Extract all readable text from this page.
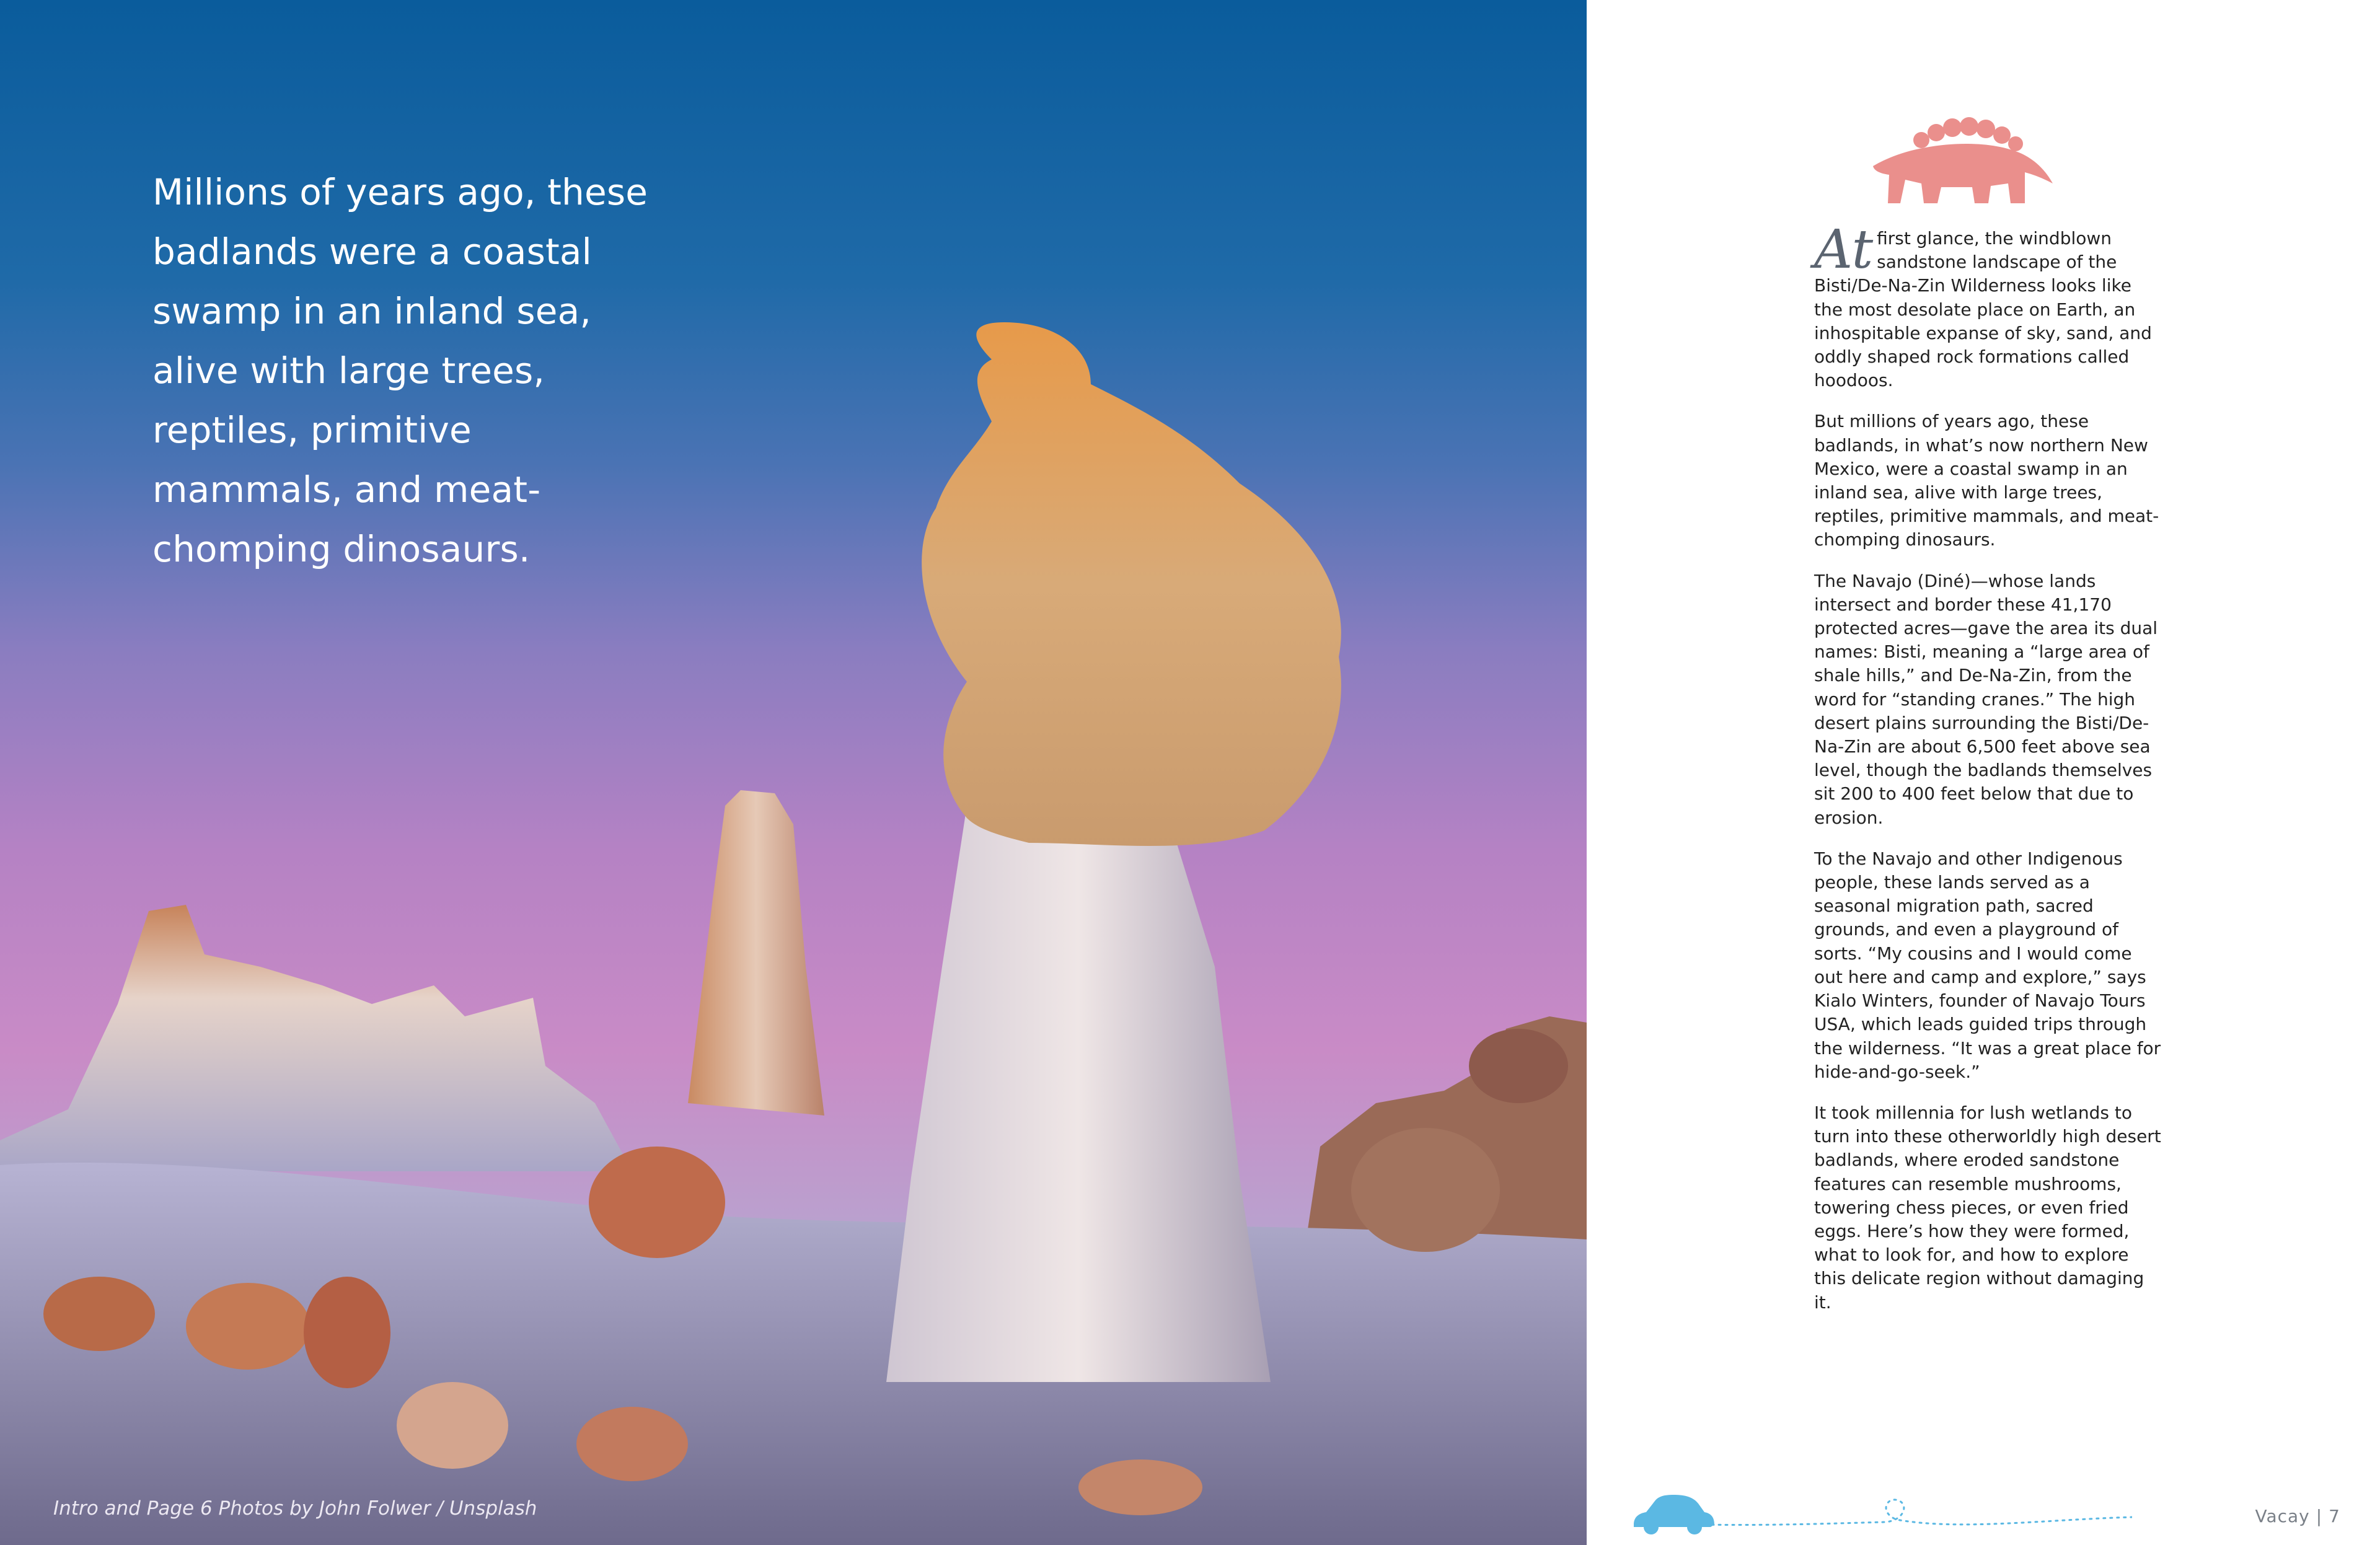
Millions of years ago, these badlands were a coastal swamp in an inland sea, alive with large trees, reptiles, primitive mammals, and meat-chomping dinosaurs.

Intro and Page 6 Photos by John Folwer / Unsplash

At first glance, the windblown sandstone landscape of the Bisti/De-Na-Zin Wilderness looks like the most desolate place on Earth, an inhospitable expanse of sky, sand, and oddly shaped rock formations called hoodoos.

But millions of years ago, these badlands, in what’s now northern New Mexico, were a coastal swamp in an inland sea, alive with large trees, reptiles, primitive mammals, and meat-chomping dinosaurs.

The Navajo (Diné)—whose lands intersect and border these 41,170 protected acres—gave the area its dual names: Bisti, meaning a “large area of shale hills,” and De-Na-Zin, from the word for “standing cranes.” The high desert plains surrounding the Bisti/De-Na-Zin are about 6,500 feet above sea level, though the badlands themselves sit 200 to 400 feet below that due to erosion.

To the Navajo and other Indigenous people, these lands served as a seasonal migration path, sacred grounds, and even a playground of sorts. “My cousins and I would come out here and camp and explore,” says Kialo Winters, founder of Navajo Tours USA, which leads guided trips through the wilderness. “It was a great place for hide-and-go-seek.”

It took millennia for lush wetlands to turn into these otherworldly high desert badlands, where eroded sandstone features can resemble mushrooms, towering chess pieces, or even fried eggs. Here’s how they were formed, what to look for, and how to explore this delicate region without damaging it.

Vacay | 7
